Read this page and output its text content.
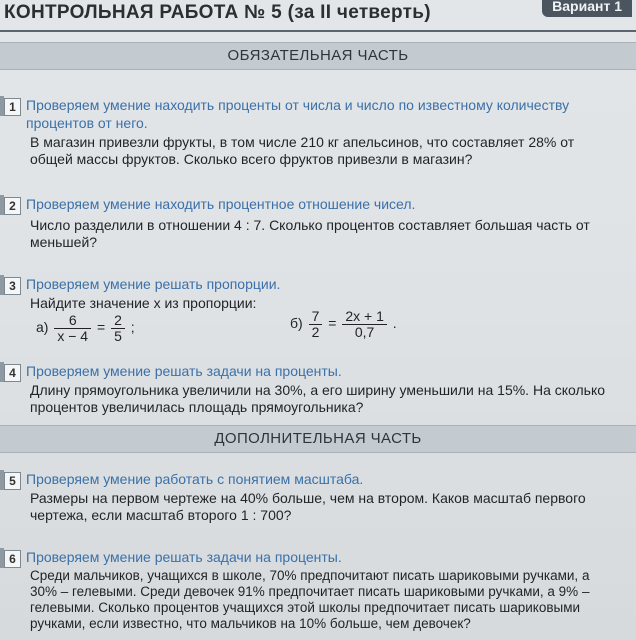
КОНТРОЛЬНАЯ РАБОТА № 5 (за II четверть)	Вариант 1
ОБЯЗАТЕЛЬНАЯ ЧАСТЬ
1 Проверяем умение находить проценты от числа и число по известному количеству процентов от него.
В магазин привезли фрукты, в том числе 210 кг апельсинов, что составляет 28% от общей массы фруктов. Сколько всего фруктов привезли в магазин?
2 Проверяем умение находить процентное отношение чисел.
Число разделили в отношении 4 : 7. Сколько процентов составляет большая часть от меньшей?
3 Проверяем умение решать пропорции.
Найдите значение x из пропорции:
$а) \frac{6}{x - 4} = \frac{2}{5}$ ;	$б) \frac{7}{2} = \frac{2x + 1}{0,7}$ .
4 Проверяем умение решать задачи на проценты.
Длину прямоугольника увеличили на 30%, а его ширину уменьшили на 15%. На сколько процентов увеличилась площадь прямоугольника?
ДОПОЛНИТЕЛЬНАЯ ЧАСТЬ
5 Проверяем умение работать с понятием масштаба.
Размеры на первом чертеже на 40% больше, чем на втором. Каков масштаб первого чертежа, если масштаб второго 1 : 700?
6 Проверяем умение решать задачи на проценты.
Среди мальчиков, учащихся в школе, 70% предпочитают писать шариковыми ручками, а 30% – гелевыми. Среди девочек 91% предпочитает писать шариковыми ручками, а 9% – гелевыми. Сколько процентов учащихся этой школы предпочитает писать шариковыми ручками, если известно, что мальчиков на 10% больше, чем девочек?
